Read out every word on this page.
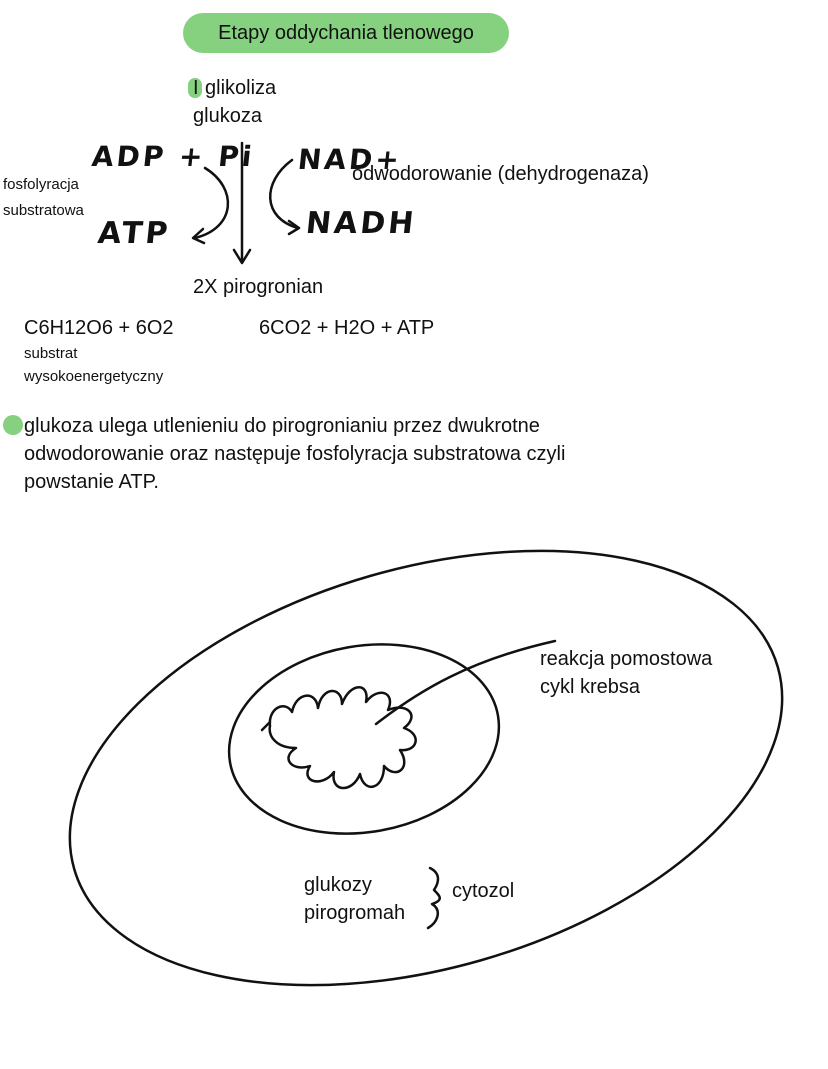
Etapy oddychania tlenowego
I glikoliza
glukoza
ADP + Pi
ATP
NAD+
NADH
fosfolyracja
substratowa
odwodorowanie (dehydrogenaza)
2X pirogronian
C6H12O6 + 6O2	6CO2 + H2O + ATP
substrat
wysokoenergetyczny
glukoza ulega utlenieniu do pirogronianiu przez dwukrotne
odwodorowanie oraz następuje fosfolyracja substratowa czyli
powstanie ATP.
reakcja pomostowa
cykl krebsa
glukozy
pirogromah
cytozol
